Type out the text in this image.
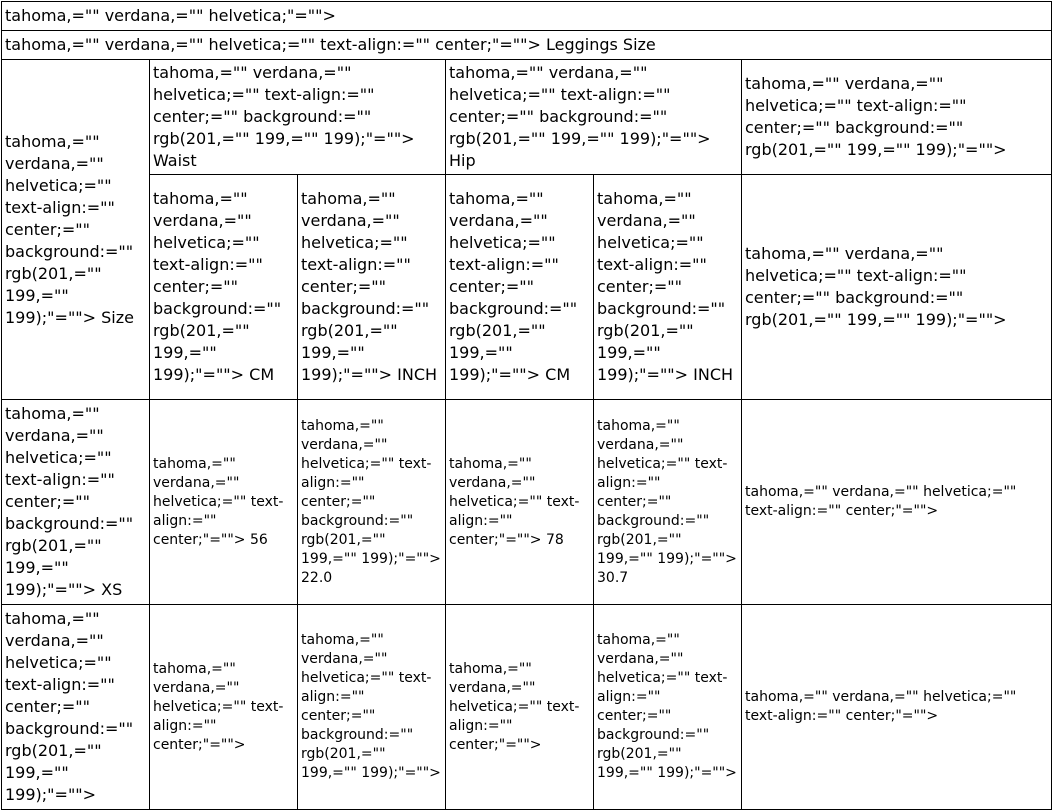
tahoma,="" verdana,="" helvetica;"="">					
tahoma,="" verdana,="" helvetica;="" text-align:="" center;"=""> Leggings Size					
tahoma,="" verdana,="" helvetica;="" text-align:="" center;="" background:="" rgb(201,="" 199,="" 199);"=""> Size	tahoma,="" verdana,="" helvetica;="" text-align:="" center;="" background:="" rgb(201,="" 199,="" 199);"=""> Waist		tahoma,="" verdana,="" helvetica;="" text-align:="" center;="" background:="" rgb(201,="" 199,="" 199);"=""> Hip		tahoma,="" verdana,="" helvetica;="" text-align:="" center;="" background:="" rgb(201,="" 199,="" 199);"="">
	tahoma,="" verdana,="" helvetica;="" text-align:="" center;="" background:="" rgb(201,="" 199,="" 199);"=""> CM	tahoma,="" verdana,="" helvetica;="" text-align:="" center;="" background:="" rgb(201,="" 199,="" 199);"=""> INCH	tahoma,="" verdana,="" helvetica;="" text-align:="" center;="" background:="" rgb(201,="" 199,="" 199);"=""> CM	tahoma,="" verdana,="" helvetica;="" text-align:="" center;="" background:="" rgb(201,="" 199,="" 199);"=""> INCH	tahoma,="" verdana,="" helvetica;="" text-align:="" center;="" background:="" rgb(201,="" 199,="" 199);"="">
tahoma,="" verdana,="" helvetica;="" text-align:="" center;="" background:="" rgb(201,="" 199,="" 199);"=""> XS	tahoma,="" verdana,="" helvetica;="" text-align:="" center;"=""> 56	tahoma,="" verdana,="" helvetica;="" text-align:="" center;="" background:="" rgb(201,="" 199,="" 199);"=""> 22.0	tahoma,="" verdana,="" helvetica;="" text-align:="" center;"=""> 78	tahoma,="" verdana,="" helvetica;="" text-align:="" center;="" background:="" rgb(201,="" 199,="" 199);"=""> 30.7	tahoma,="" verdana,="" helvetica;="" text-align:="" center;"="">
tahoma,="" verdana,="" helvetica;="" text-align:="" center;="" background:="" rgb(201,="" 199,="" 199);"="">	tahoma,="" verdana,="" helvetica;="" text-align:="" center;"="">	tahoma,="" verdana,="" helvetica;="" text-align:="" center;="" background:="" rgb(201,="" 199,="" 199);"="">	tahoma,="" verdana,="" helvetica;="" text-align:="" center;"="">	tahoma,="" verdana,="" helvetica;="" text-align:="" center;="" background:="" rgb(201,="" 199,="" 199);"="">	tahoma,="" verdana,="" helvetica;="" text-align:="" center;"="">
